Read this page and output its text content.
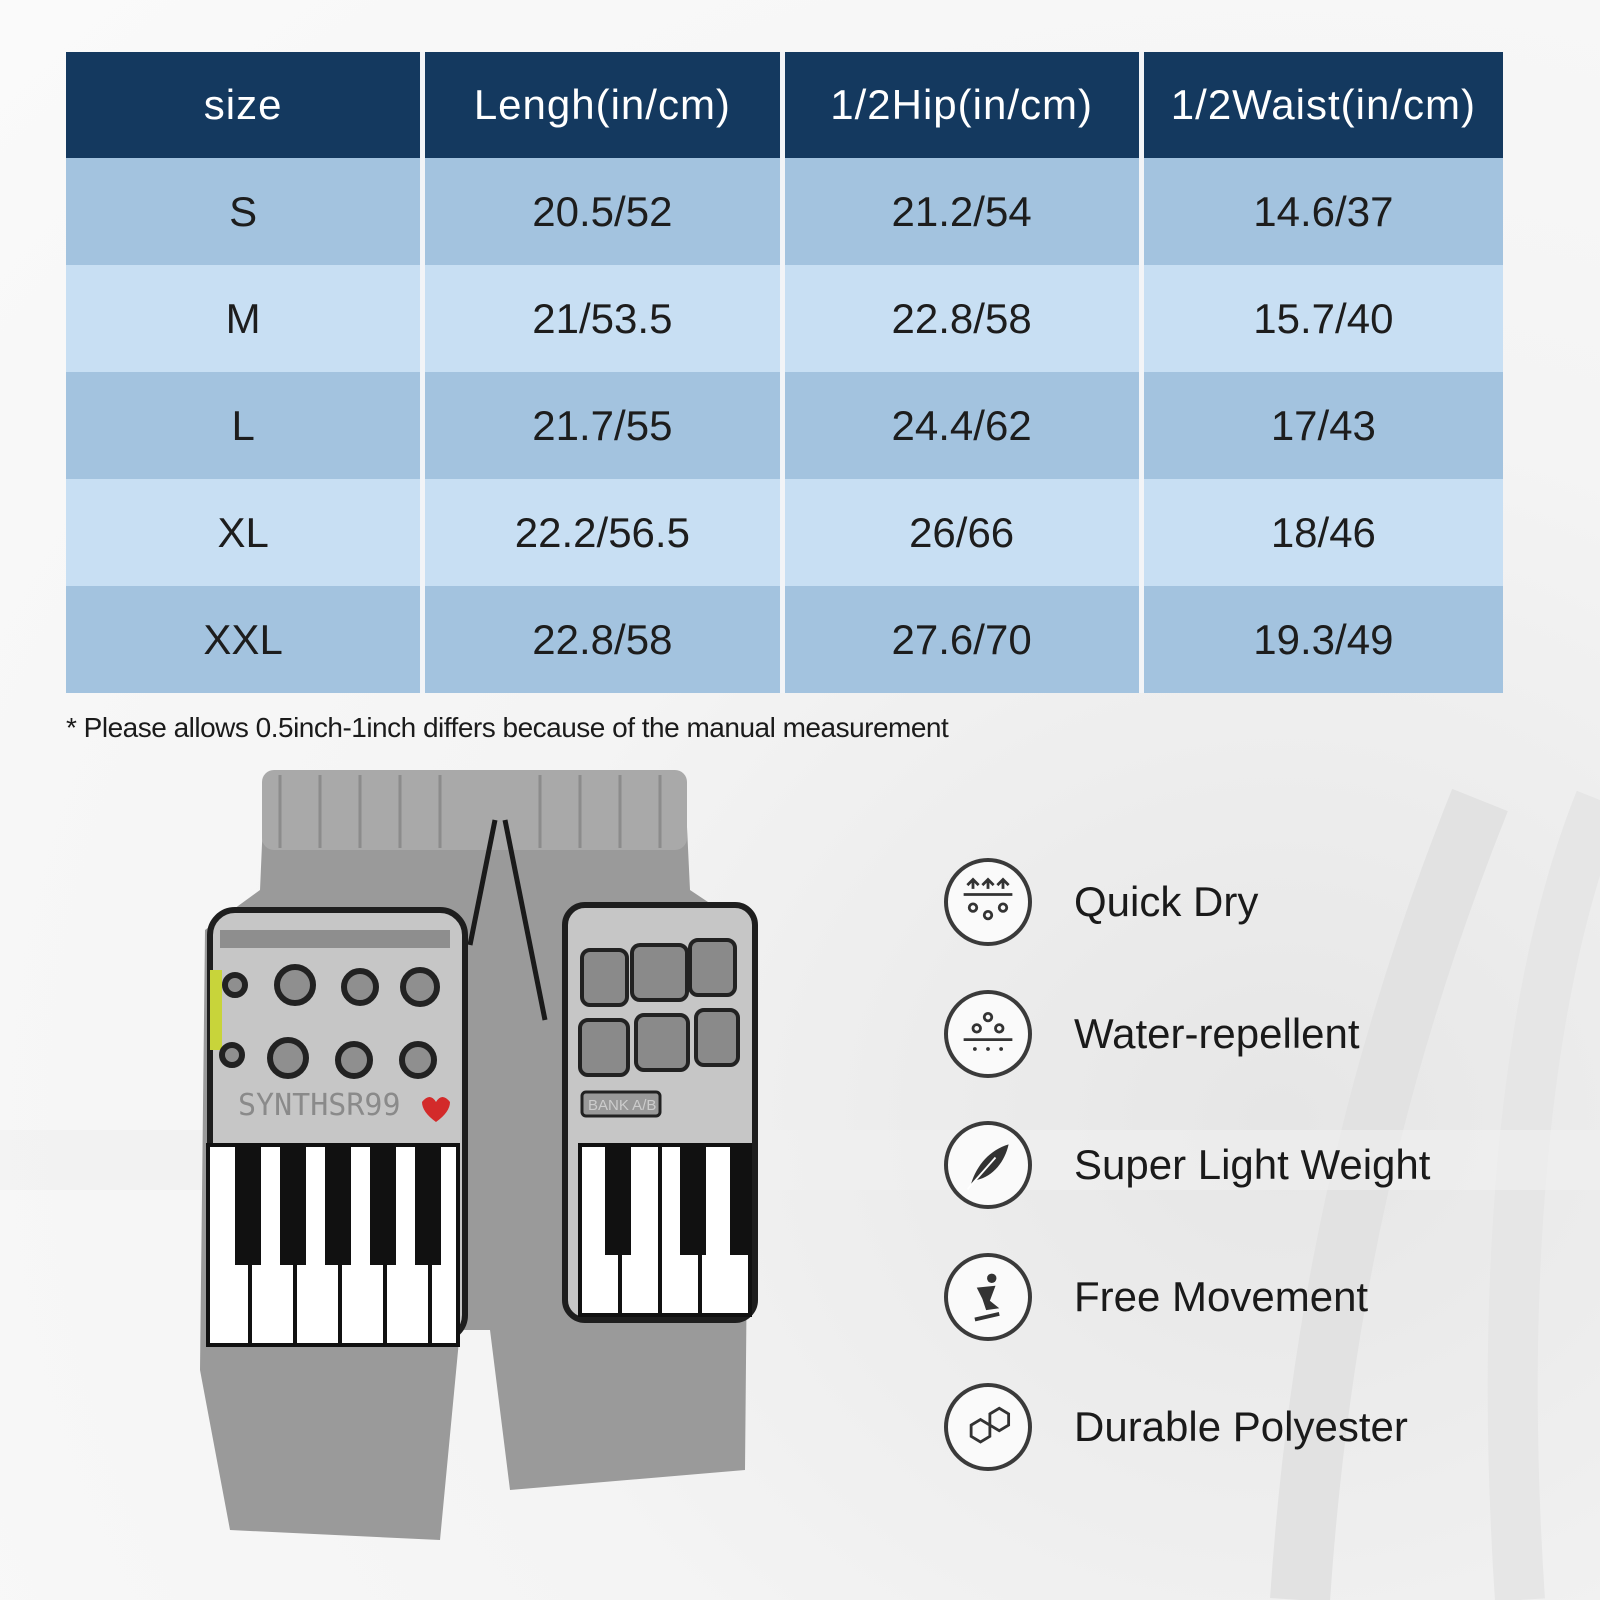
size	Lengh(in/cm)	1/2Hip(in/cm)	1/2Waist(in/cm)
S	20.5/52	21.2/54	14.6/37
M	21/53.5	22.8/58	15.7/40
L	21.7/55	24.4/62	17/43
XL	22.2/56.5	26/66	18/46
XXL	22.8/58	27.6/70	19.3/49
* Please allows 0.5inch-1inch differs because of the manual measurement
SYNTHSR99	BANK A/B
Quick Dry
Water-repellent
Super Light Weight
Free Movement
Durable Polyester
